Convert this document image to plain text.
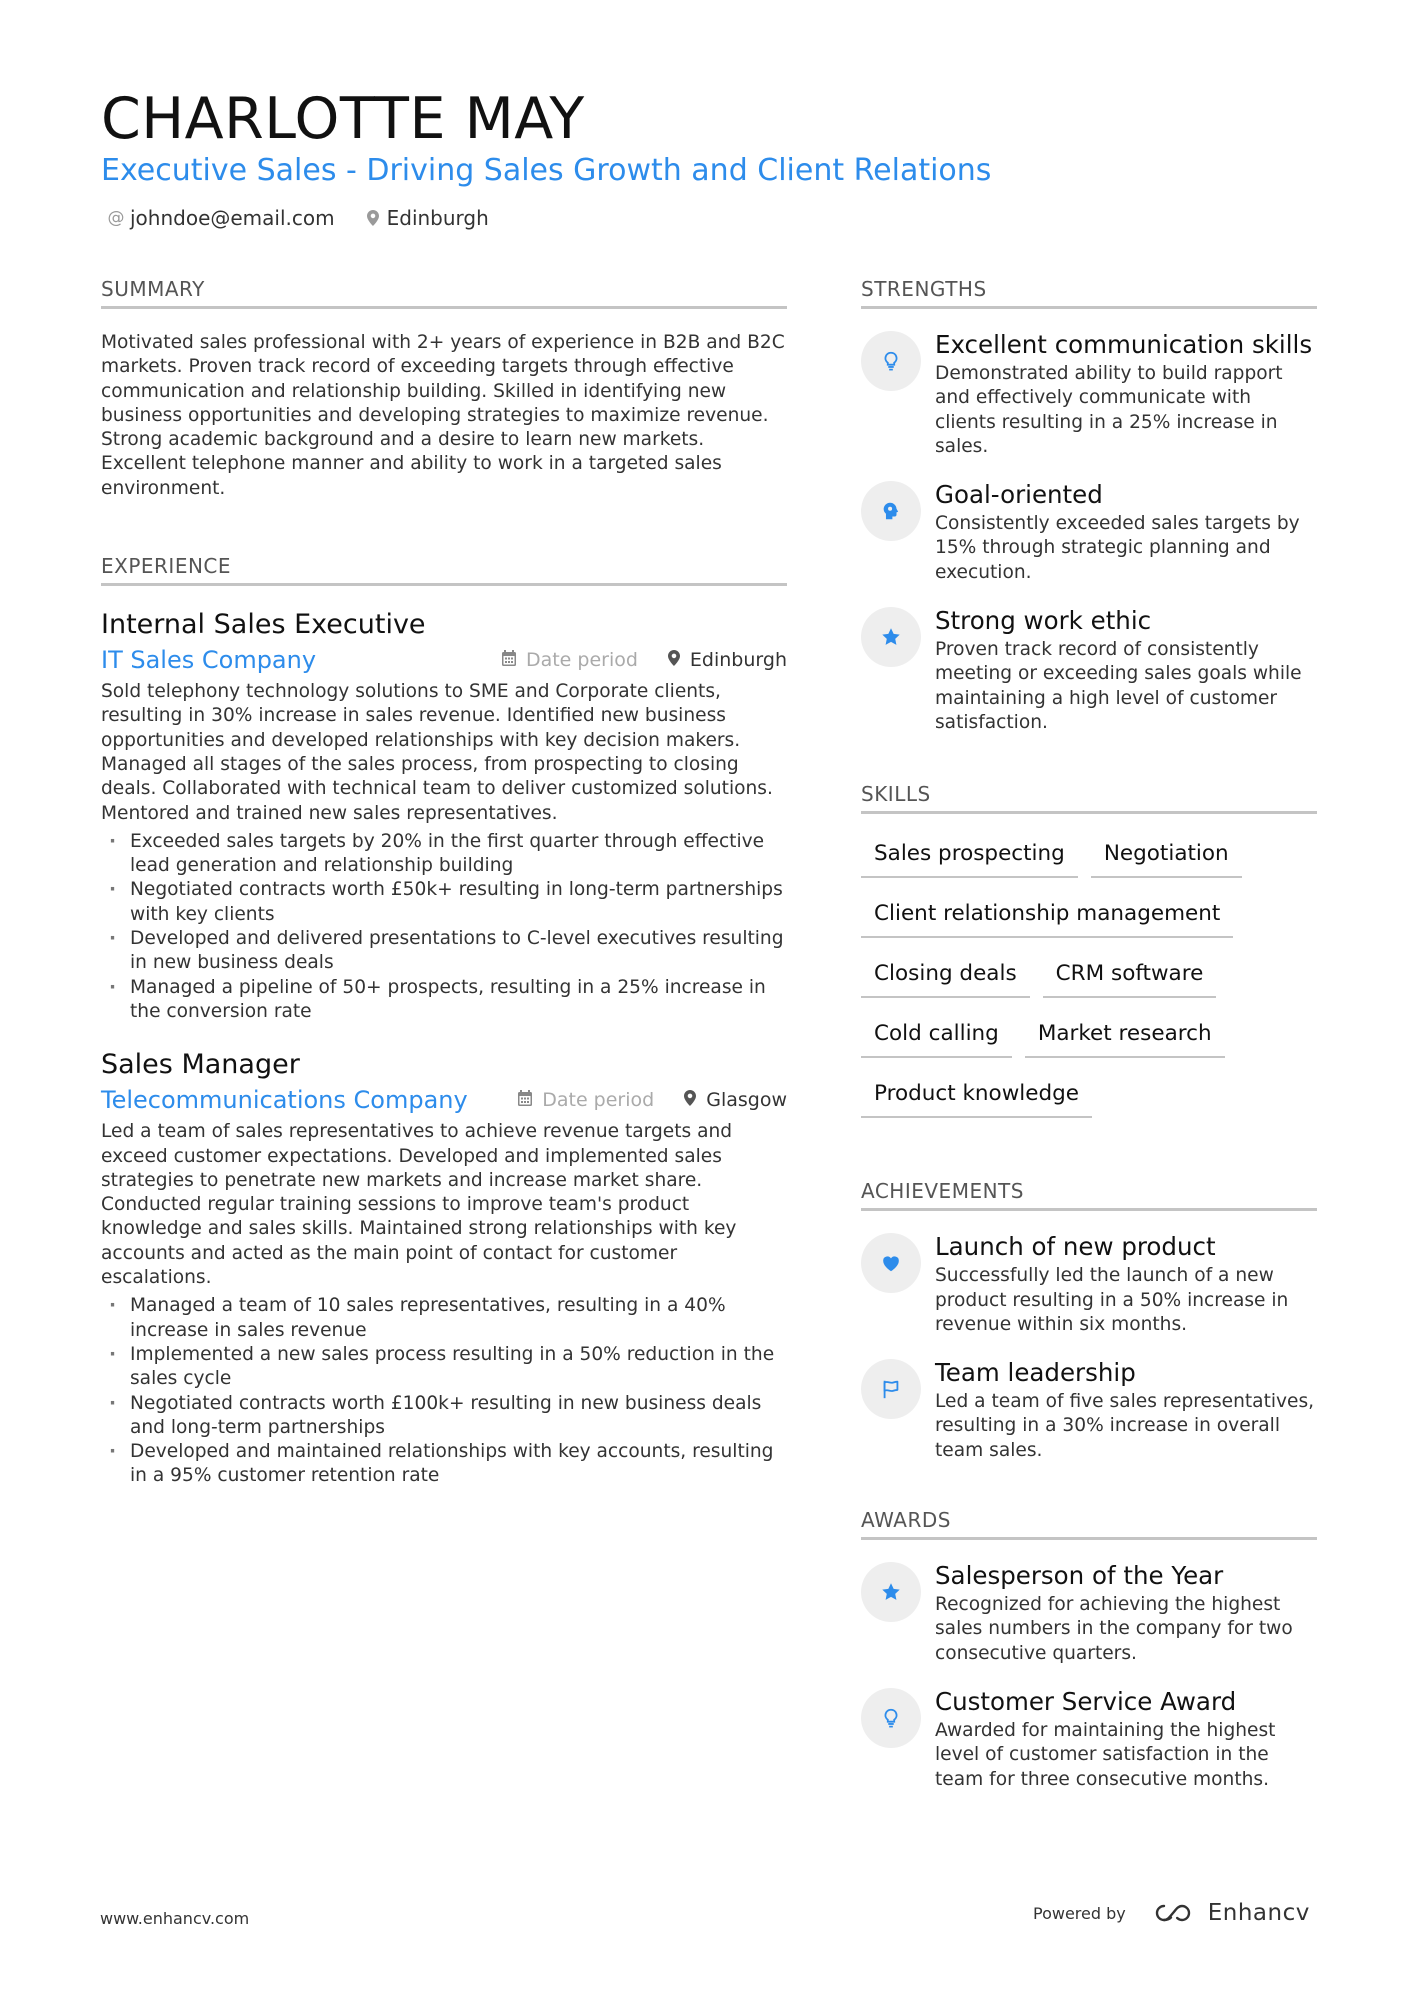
CHARLOTTE MAY
Executive Sales - Driving Sales Growth and Client Relations
@ johndoe@email.com	Edinburgh
SUMMARY

Motivated sales professional with 2+ years of experience in B2B and B2C markets. Proven track record of exceeding targets through effective communication and relationship building. Skilled in identifying new business opportunities and developing strategies to maximize revenue. Strong academic background and a desire to learn new markets. Excellent telephone manner and ability to work in a targeted sales environment.

EXPERIENCE
Internal Sales Executive
IT Sales Company	Date period	Edinburgh

Sold telephony technology solutions to SME and Corporate clients, resulting in 30% increase in sales revenue. Identified new business opportunities and developed relationships with key decision makers. Managed all stages of the sales process, from prospecting to closing deals. Collaborated with technical team to deliver customized solutions. Mentored and trained new sales representatives.

· Exceeded sales targets by 20% in the first quarter through effective lead generation and relationship building
· Negotiated contracts worth £50k+ resulting in long-term partnerships with key clients
· Developed and delivered presentations to C-level executives resulting in new business deals
· Managed a pipeline of 50+ prospects, resulting in a 25% increase in the conversion rate
Sales Manager
Telecommunications Company	Date period	Glasgow

Led a team of sales representatives to achieve revenue targets and exceed customer expectations. Developed and implemented sales strategies to penetrate new markets and increase market share. Conducted regular training sessions to improve team's product knowledge and sales skills. Maintained strong relationships with key accounts and acted as the main point of contact for customer escalations.

· Managed a team of 10 sales representatives, resulting in a 40% increase in sales revenue
· Implemented a new sales process resulting in a 50% reduction in the sales cycle
· Negotiated contracts worth £100k+ resulting in new business deals and long-term partnerships
· Developed and maintained relationships with key accounts, resulting in a 95% customer retention rate
STRENGTHS
Excellent communication skills
Demonstrated ability to build rapport and effectively communicate with clients resulting in a 25% increase in sales.
Goal-oriented
Consistently exceeded sales targets by 15% through strategic planning and execution.
Strong work ethic
Proven track record of consistently meeting or exceeding sales goals while maintaining a high level of customer satisfaction.
SKILLS
Sales prospecting	Negotiation
Client relationship management
Closing deals	CRM software
Cold calling	Market research
Product knowledge
ACHIEVEMENTS
Launch of new product
Successfully led the launch of a new product resulting in a 50% increase in revenue within six months.
Team leadership
Led a team of five sales representatives, resulting in a 30% increase in overall team sales.
AWARDS
Salesperson of the Year
Recognized for achieving the highest sales numbers in the company for two consecutive quarters.
Customer Service Award
Awarded for maintaining the highest level of customer satisfaction in the team for three consecutive months.
www.enhancv.com	Powered by	Enhancv
